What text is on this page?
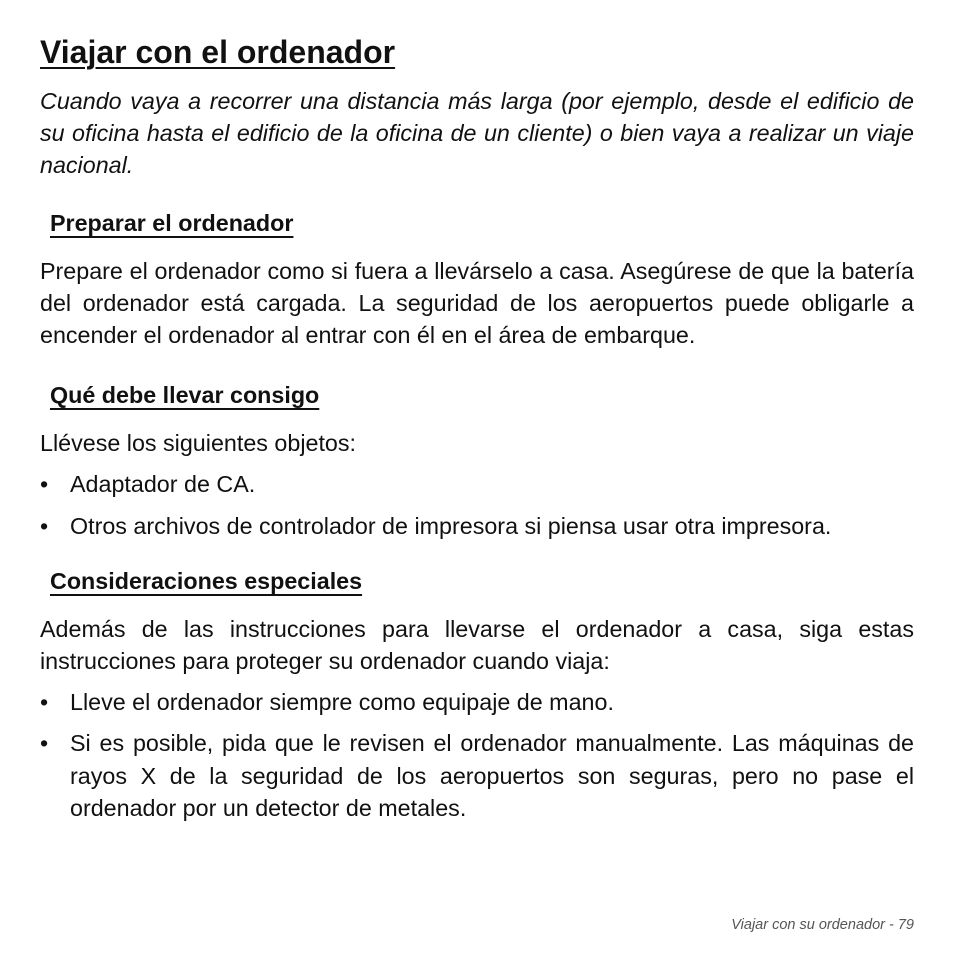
Viajar con el ordenador

Cuando vaya a recorrer una distancia más larga (por ejemplo, desde el edificio de su oficina hasta el edificio de la oficina de un cliente) o bien vaya a realizar un viaje nacional.

Preparar el ordenador

Prepare el ordenador como si fuera a llevárselo a casa. Asegúrese de que la batería del ordenador está cargada. La seguridad de los aeropuertos puede obligarle a encender el ordenador al entrar con él en el área de embarque.

Qué debe llevar consigo

Llévese los siguientes objetos:

• Adaptador de CA.
• Otros archivos de controlador de impresora si piensa usar otra impresora.
Consideraciones especiales

Además de las instrucciones para llevarse el ordenador a casa, siga estas instrucciones para proteger su ordenador cuando viaja:

• Lleve el ordenador siempre como equipaje de mano.
• Si es posible, pida que le revisen el ordenador manualmente. Las máquinas de rayos X de la seguridad de los aeropuertos son seguras, pero no pase el ordenador por un detector de metales.
Viajar con su ordenador - 79
